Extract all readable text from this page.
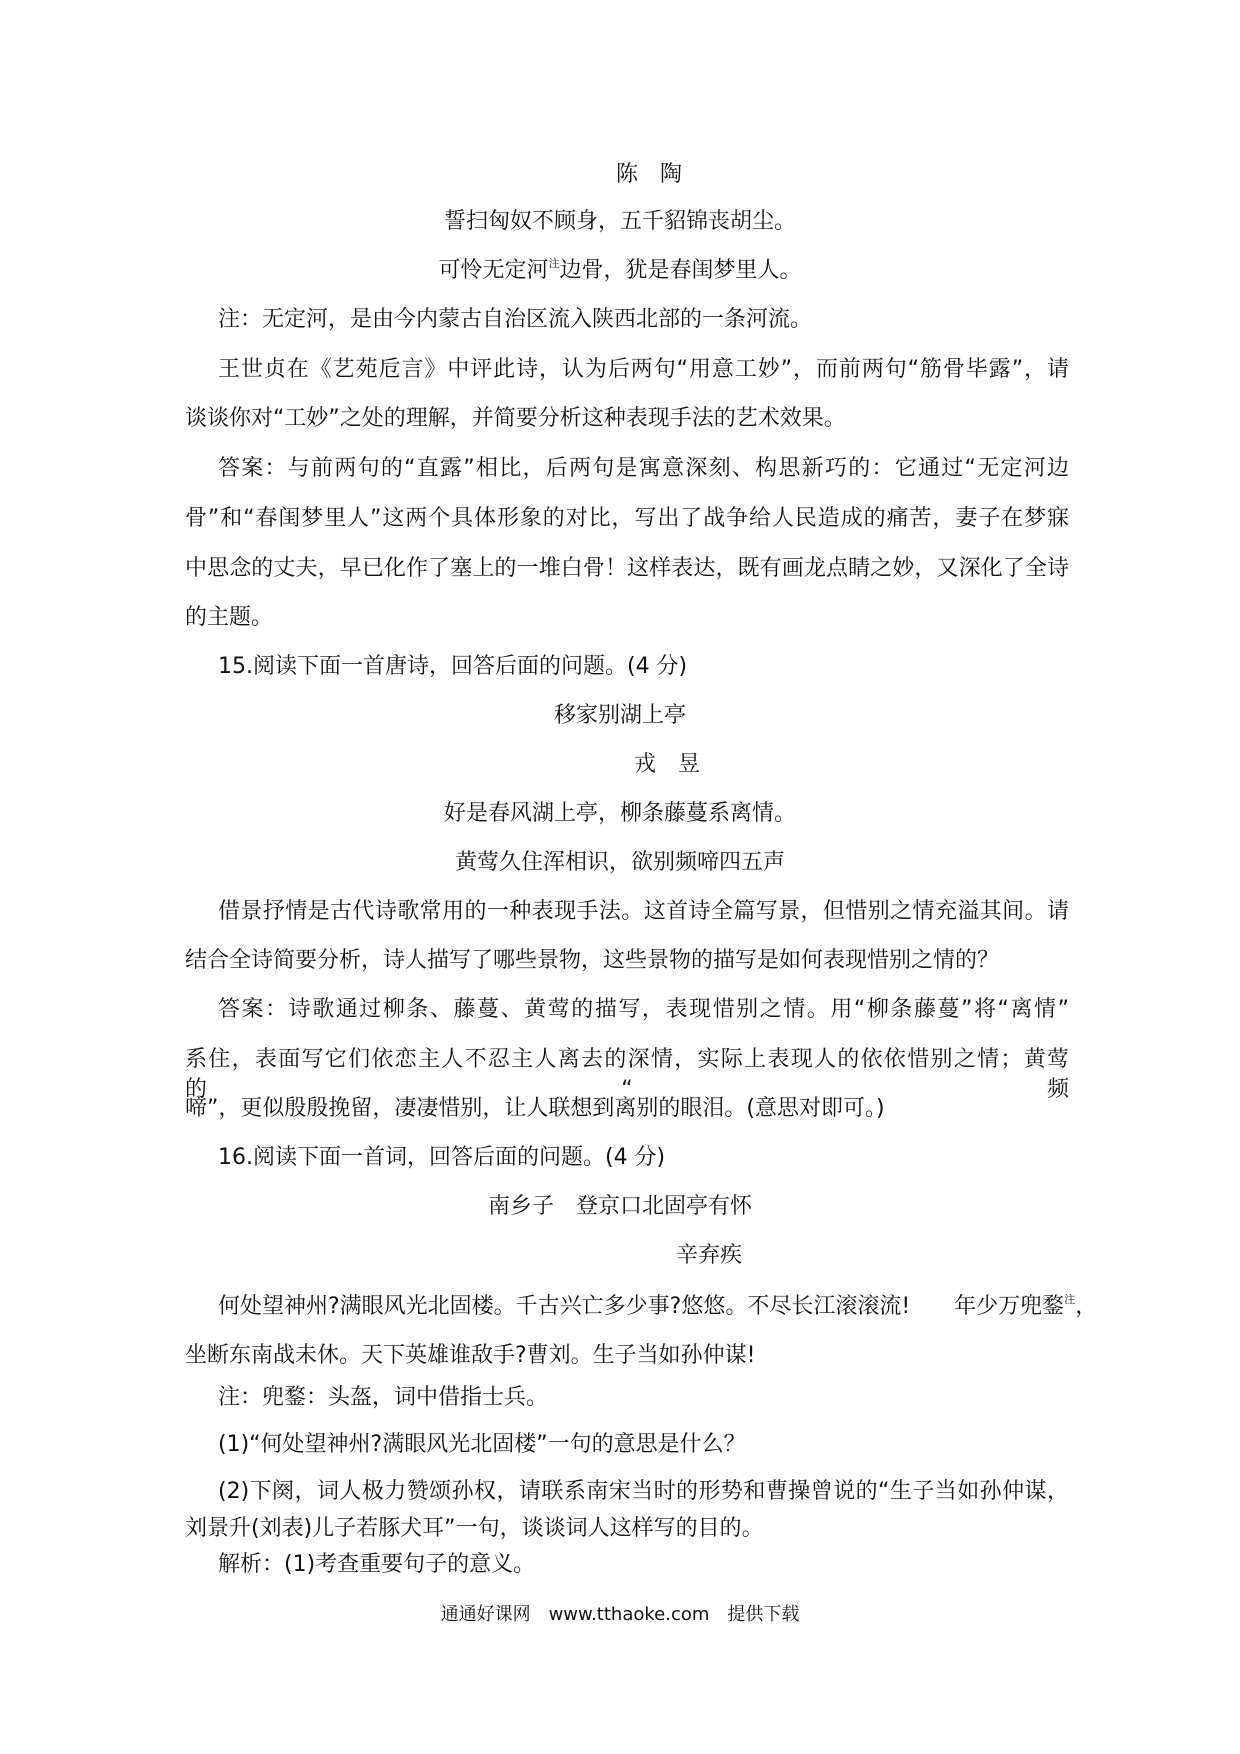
陈　陶
誓扫匈奴不顾身，五千貂锦丧胡尘。
可怜无定河$^注$边骨，犹是春闺梦里人。
注：无定河，是由今内蒙古自治区流入陕西北部的一条河流。
王世贞在《艺苑卮言》中评此诗，认为后两句“用意工妙”，而前两句“筋骨毕露”，请
谈谈你对“工妙”之处的理解，并简要分析这种表现手法的艺术效果。
答案：与前两句的“直露”相比，后两句是寓意深刻、构思新巧的：它通过“无定河边
骨”和“春闺梦里人”这两个具体形象的对比，写出了战争给人民造成的痛苦，妻子在梦寐
中思念的丈夫，早已化作了塞上的一堆白骨！这样表达，既有画龙点睛之妙，又深化了全诗
的主题。
15.阅读下面一首唐诗，回答后面的问题。(4 分)
移家别湖上亭
戎　昱
好是春风湖上亭，柳条藤蔓系离情。
黄莺久住浑相识，欲别频啼四五声
借景抒情是古代诗歌常用的一种表现手法。这首诗全篇写景，但惜别之情充溢其间。请
结合全诗简要分析，诗人描写了哪些景物，这些景物的描写是如何表现惜别之情的？
答案：诗歌通过柳条、藤蔓、黄莺的描写，表现惜别之情。用“柳条藤蔓”将“离情”
系住，表面写它们依恋主人不忍主人离去的深情，实际上表现人的依依惜别之情；黄莺的“频
啼”，更似殷殷挽留，凄凄惜别，让人联想到离别的眼泪。(意思对即可。)
16.阅读下面一首词，回答后面的问题。(4 分)
南乡子　登京口北固亭有怀
辛弃疾
何处望神州?满眼风光北固楼。千古兴亡多少事?悠悠。不尽长江滚滚流!　　年少万兜鍪$^注$，
坐断东南战未休。天下英雄谁敌手?曹刘。生子当如孙仲谋!
注：兜鍪：头盔，词中借指士兵。
(1)“何处望神州?满眼风光北固楼”一句的意思是什么？
(2)下阕，词人极力赞颂孙权，请联系南宋当时的形势和曹操曾说的“生子当如孙仲谋，
刘景升(刘表)儿子若豚犬耳”一句，谈谈词人这样写的目的。
通通好课网　www.tthaoke.com　提供下载
解析：(1)考查重要句子的意义。
